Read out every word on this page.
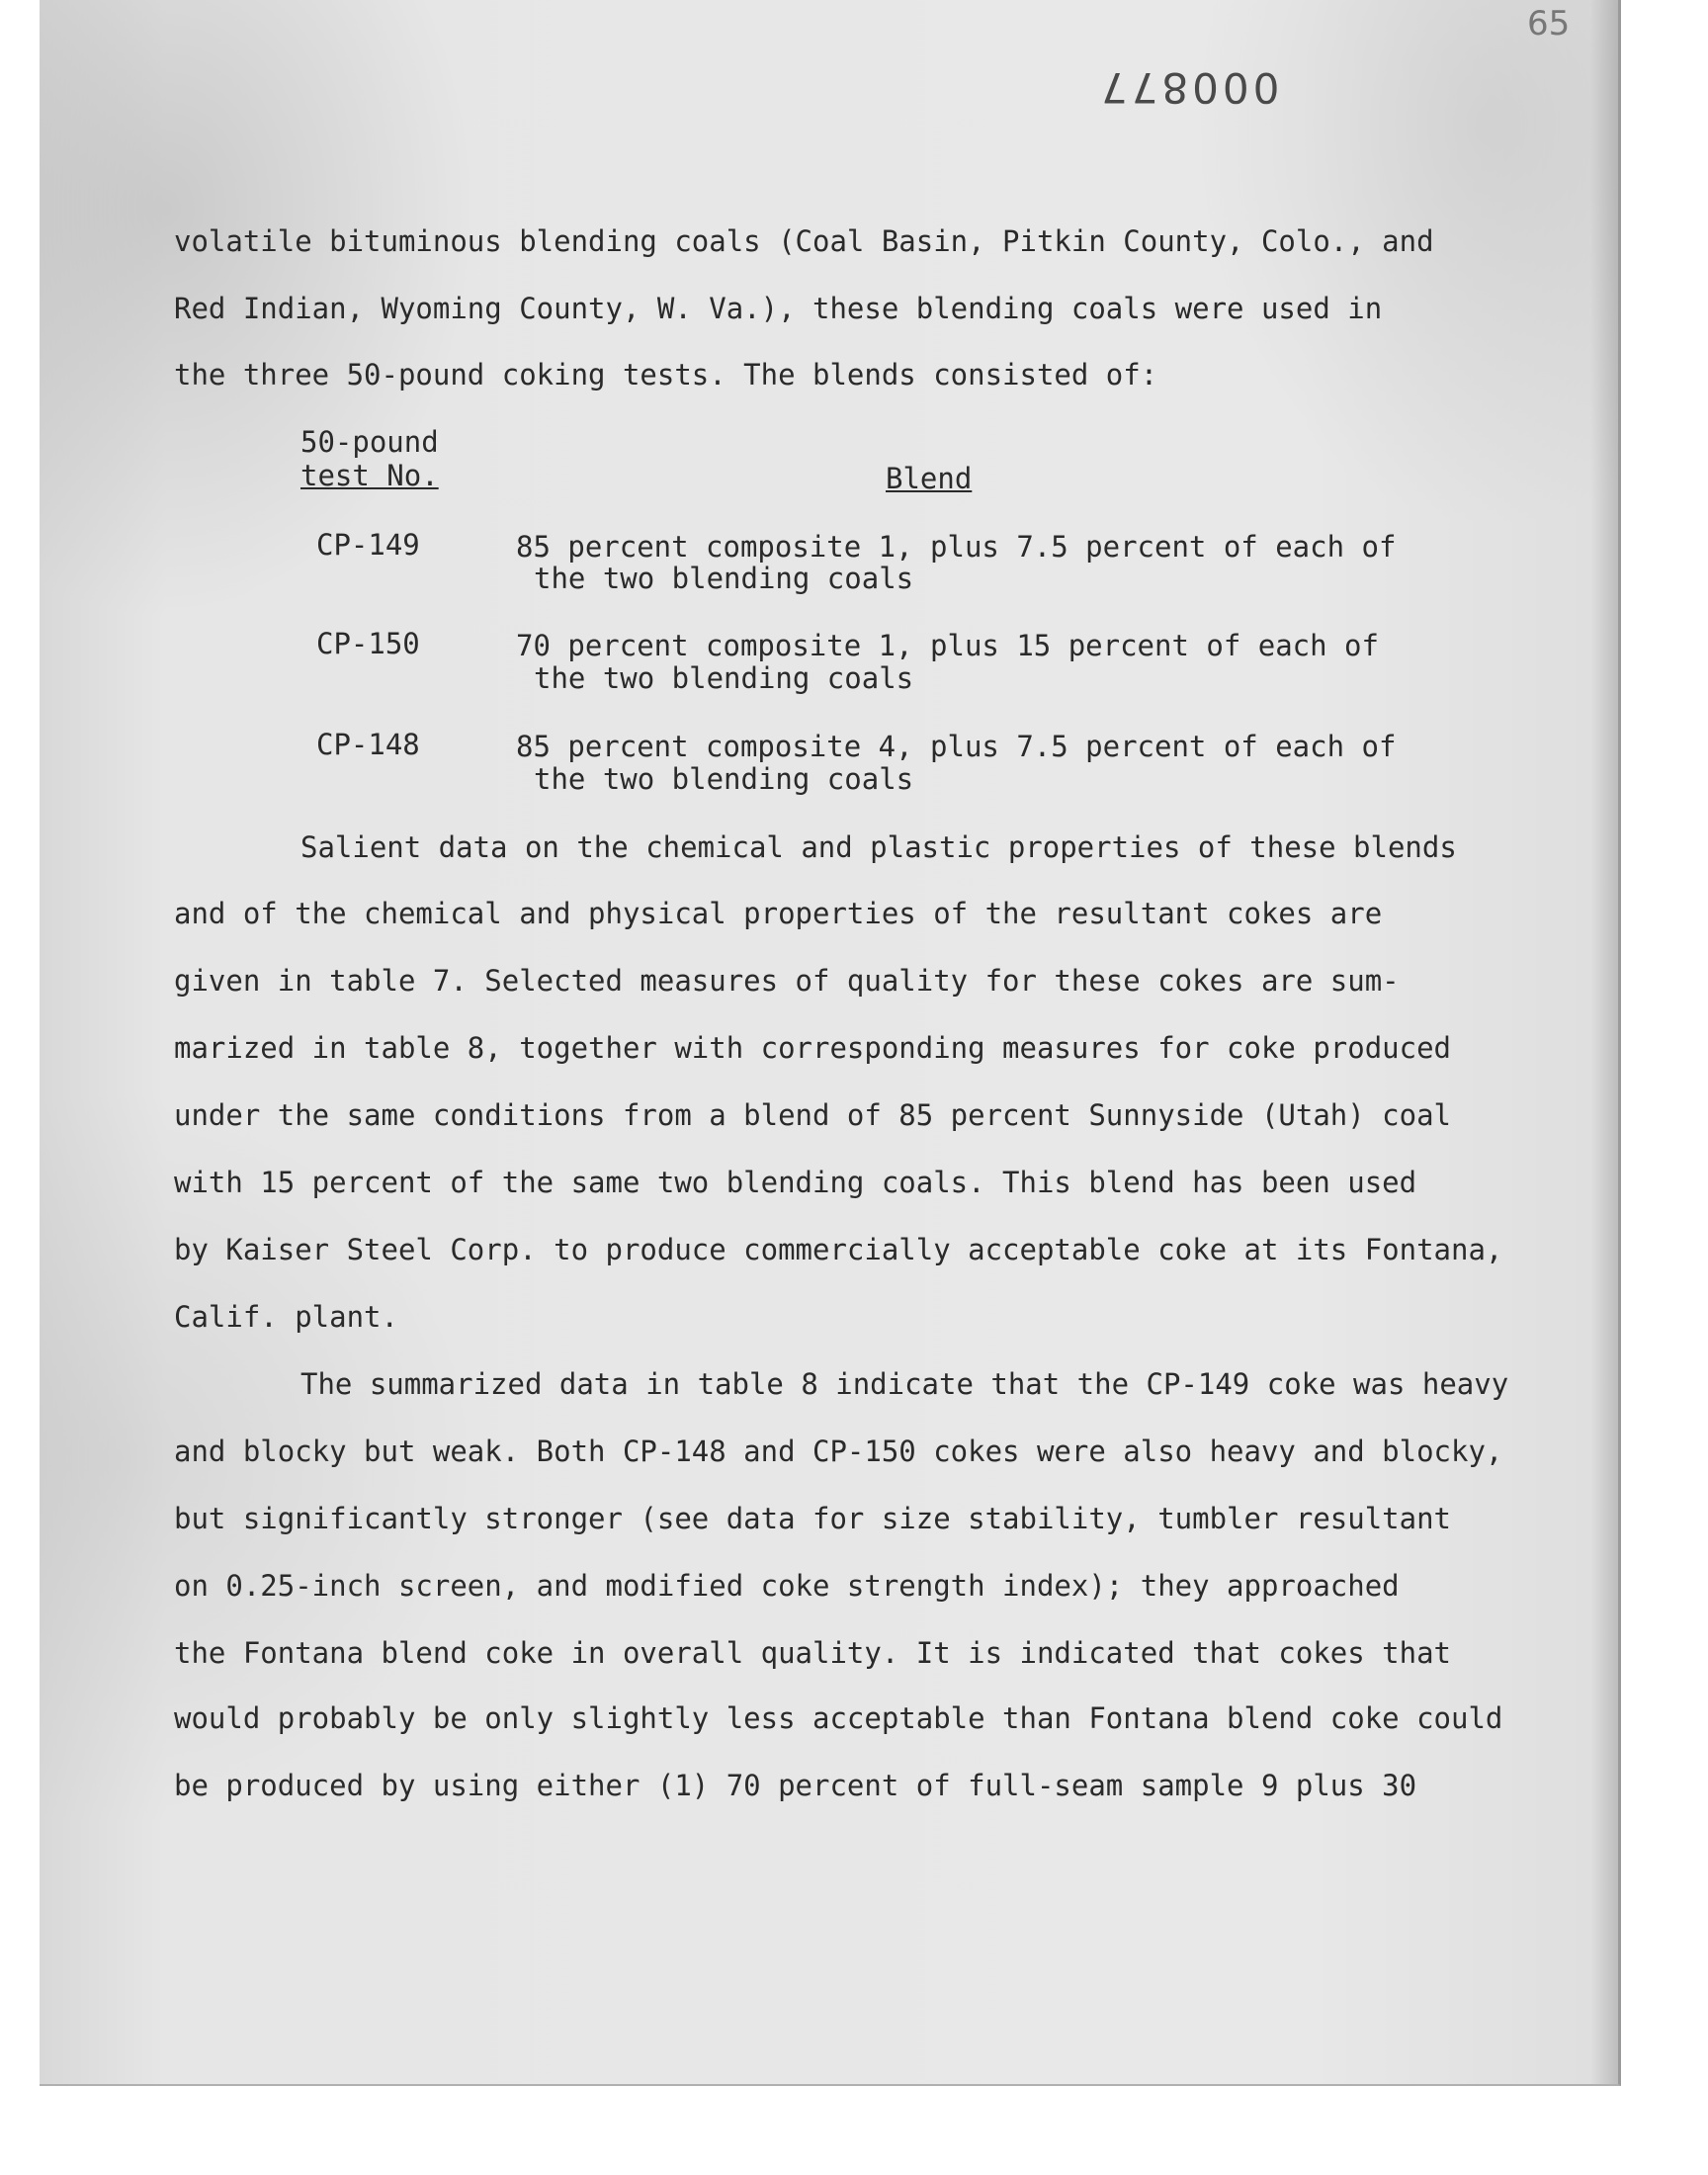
65
000877
volatile bituminous blending coals (Coal Basin, Pitkin County, Colo., and
Red Indian, Wyoming County, W. Va.), these blending coals were used in
the three 50-pound coking tests. The blends consisted of:
50-pound
test No.	Blend
CP-149	85 percent composite 1, plus 7.5 percent of each of
the two blending coals
CP-150	70 percent composite 1, plus 15 percent of each of
the two blending coals
CP-148	85 percent composite 4, plus 7.5 percent of each of
the two blending coals
Salient data on the chemical and plastic properties of these blends
and of the chemical and physical properties of the resultant cokes are
given in table 7. Selected measures of quality for these cokes are sum-
marized in table 8, together with corresponding measures for coke produced
under the same conditions from a blend of 85 percent Sunnyside (Utah) coal
with 15 percent of the same two blending coals. This blend has been used
by Kaiser Steel Corp. to produce commercially acceptable coke at its Fontana,
Calif. plant.
The summarized data in table 8 indicate that the CP-149 coke was heavy
and blocky but weak. Both CP-148 and CP-150 cokes were also heavy and blocky,
but significantly stronger (see data for size stability, tumbler resultant
on 0.25-inch screen, and modified coke strength index); they approached
the Fontana blend coke in overall quality. It is indicated that cokes that
would probably be only slightly less acceptable than Fontana blend coke could
be produced by using either (1) 70 percent of full-seam sample 9 plus 30
